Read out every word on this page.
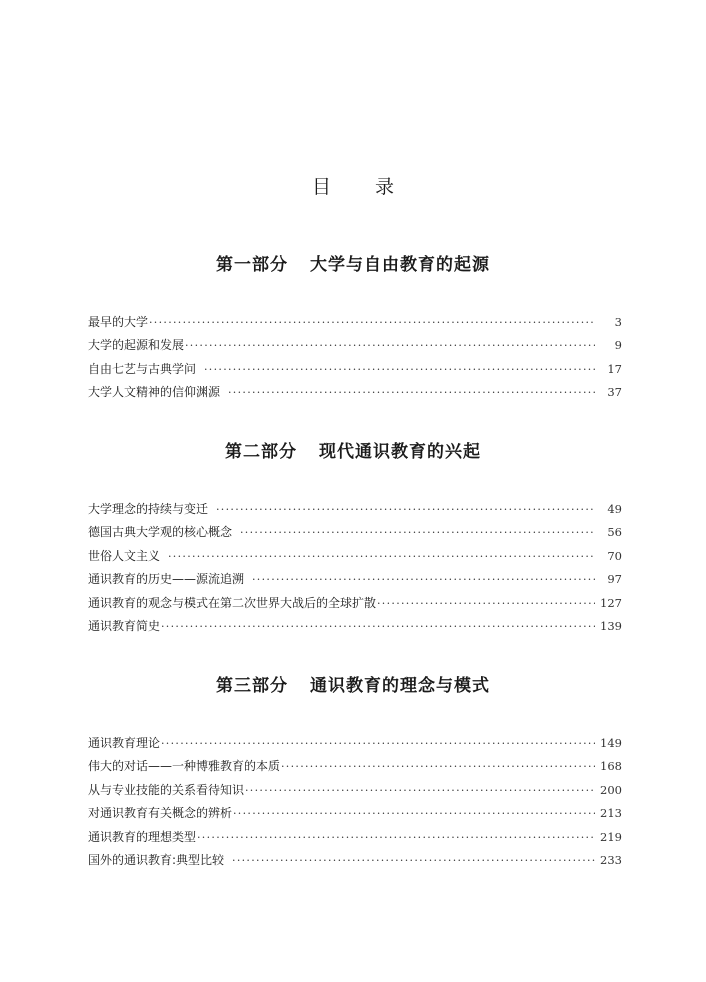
目 录
第一部分 大学与自由教育的起源
最早的大学 ·····	3
大学的起源和发展 ·····	9
自由七艺与古典学问 ·····	17
大学人文精神的信仰渊源 ·····	37
第二部分 现代通识教育的兴起
大学理念的持续与变迁 ·····	49
德国古典大学观的核心概念 ·····	56
世俗人文主义 ·····	70
通识教育的历史——源流追溯 ·····	97
通识教育的观念与模式在第二次世界大战后的全球扩散 ·····	127
通识教育简史 ·····	139
第三部分 通识教育的理念与模式
通识教育理论 ·····	149
伟大的对话——一种博雅教育的本质 ·····	168
从与专业技能的关系看待知识 ·····	200
对通识教育有关概念的辨析 ·····	213
通识教育的理想类型 ·····	219
国外的通识教育:典型比较 ·····	233
